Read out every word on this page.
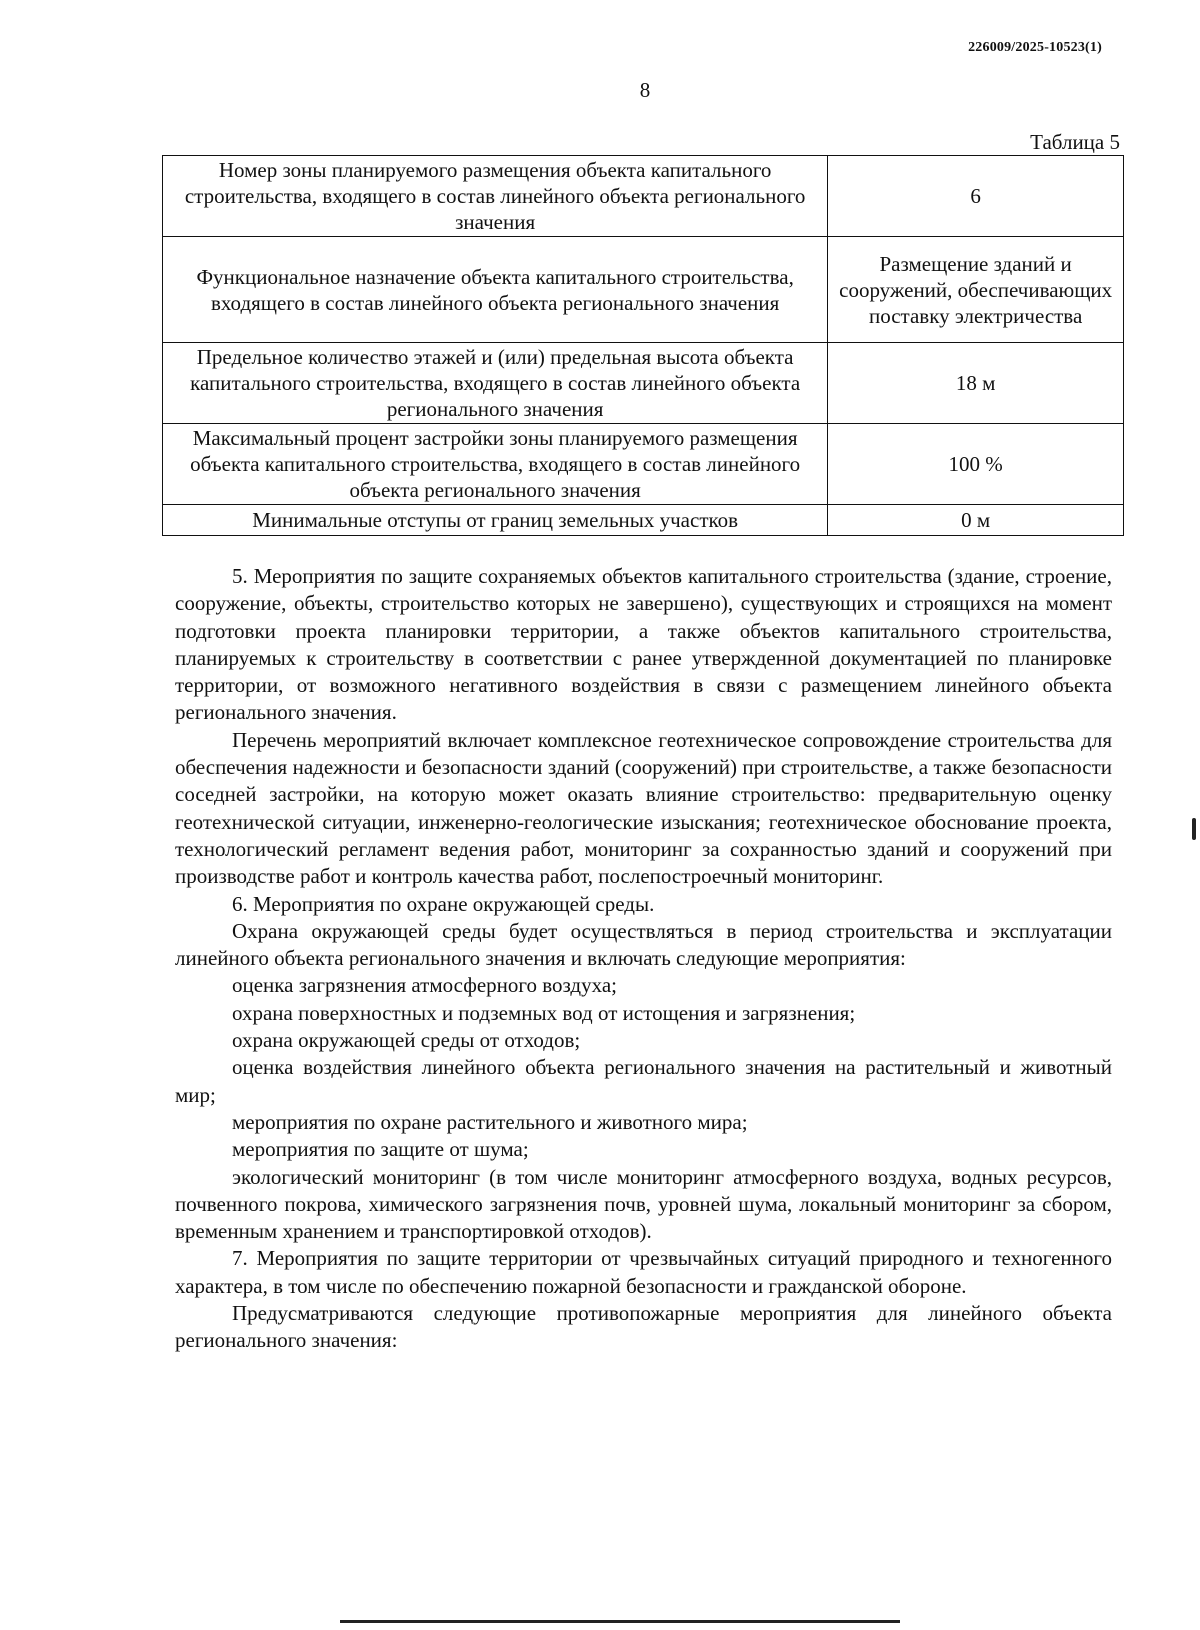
226009/2025-10523(1)
8
Таблица 5
Номер зоны планируемого размещения объекта капитального строительства, входящего в состав линейного объекта регионального значения	6
Функциональное назначение объекта капитального строительства, входящего в состав линейного объекта регионального значения	Размещение зданий и сооружений, обеспечивающих поставку электричества
Предельное количество этажей и (или) предельная высота объекта капитального строительства, входящего в состав линейного объекта регионального значения	18 м
Максимальный процент застройки зоны планируемого размещения объекта капитального строительства, входящего в состав линейного объекта регионального значения	100 %
Минимальные отступы от границ земельных участков	0 м

5. Мероприятия по защите сохраняемых объектов капитального строительства (здание, строение, сооружение, объекты, строительство которых не завершено), существующих и строящихся на момент подготовки проекта планировки территории, а также объектов капитального строительства, планируемых к строительству в соответствии с ранее утвержденной документацией по планировке территории, от возможного негативного воздействия в связи с размещением линейного объекта регионального значения.

Перечень мероприятий включает комплексное геотехническое сопровождение строительства для обеспечения надежности и безопасности зданий (сооружений) при строительстве, а также безопасности соседней застройки, на которую может оказать влияние строительство: предварительную оценку геотехнической ситуации, инженерно-геологические изыскания; геотехническое обоснование проекта, технологический регламент ведения работ, мониторинг за сохранностью зданий и сооружений при производстве работ и контроль качества работ, послепостроечный мониторинг.

6. Мероприятия по охране окружающей среды.

Охрана окружающей среды будет осуществляться в период строительства и эксплуатации линейного объекта регионального значения и включать следующие мероприятия:

оценка загрязнения атмосферного воздуха;

охрана поверхностных и подземных вод от истощения и загрязнения;

охрана окружающей среды от отходов;

оценка воздействия линейного объекта регионального значения на растительный и животный мир;

мероприятия по охране растительного и животного мира;

мероприятия по защите от шума;

экологический мониторинг (в том числе мониторинг атмосферного воздуха, водных ресурсов, почвенного покрова, химического загрязнения почв, уровней шума, локальный мониторинг за сбором, временным хранением и транспортировкой отходов).

7. Мероприятия по защите территории от чрезвычайных ситуаций природного и техногенного характера, в том числе по обеспечению пожарной безопасности и гражданской обороне.

Предусматриваются следующие противопожарные мероприятия для линейного объекта регионального значения:
